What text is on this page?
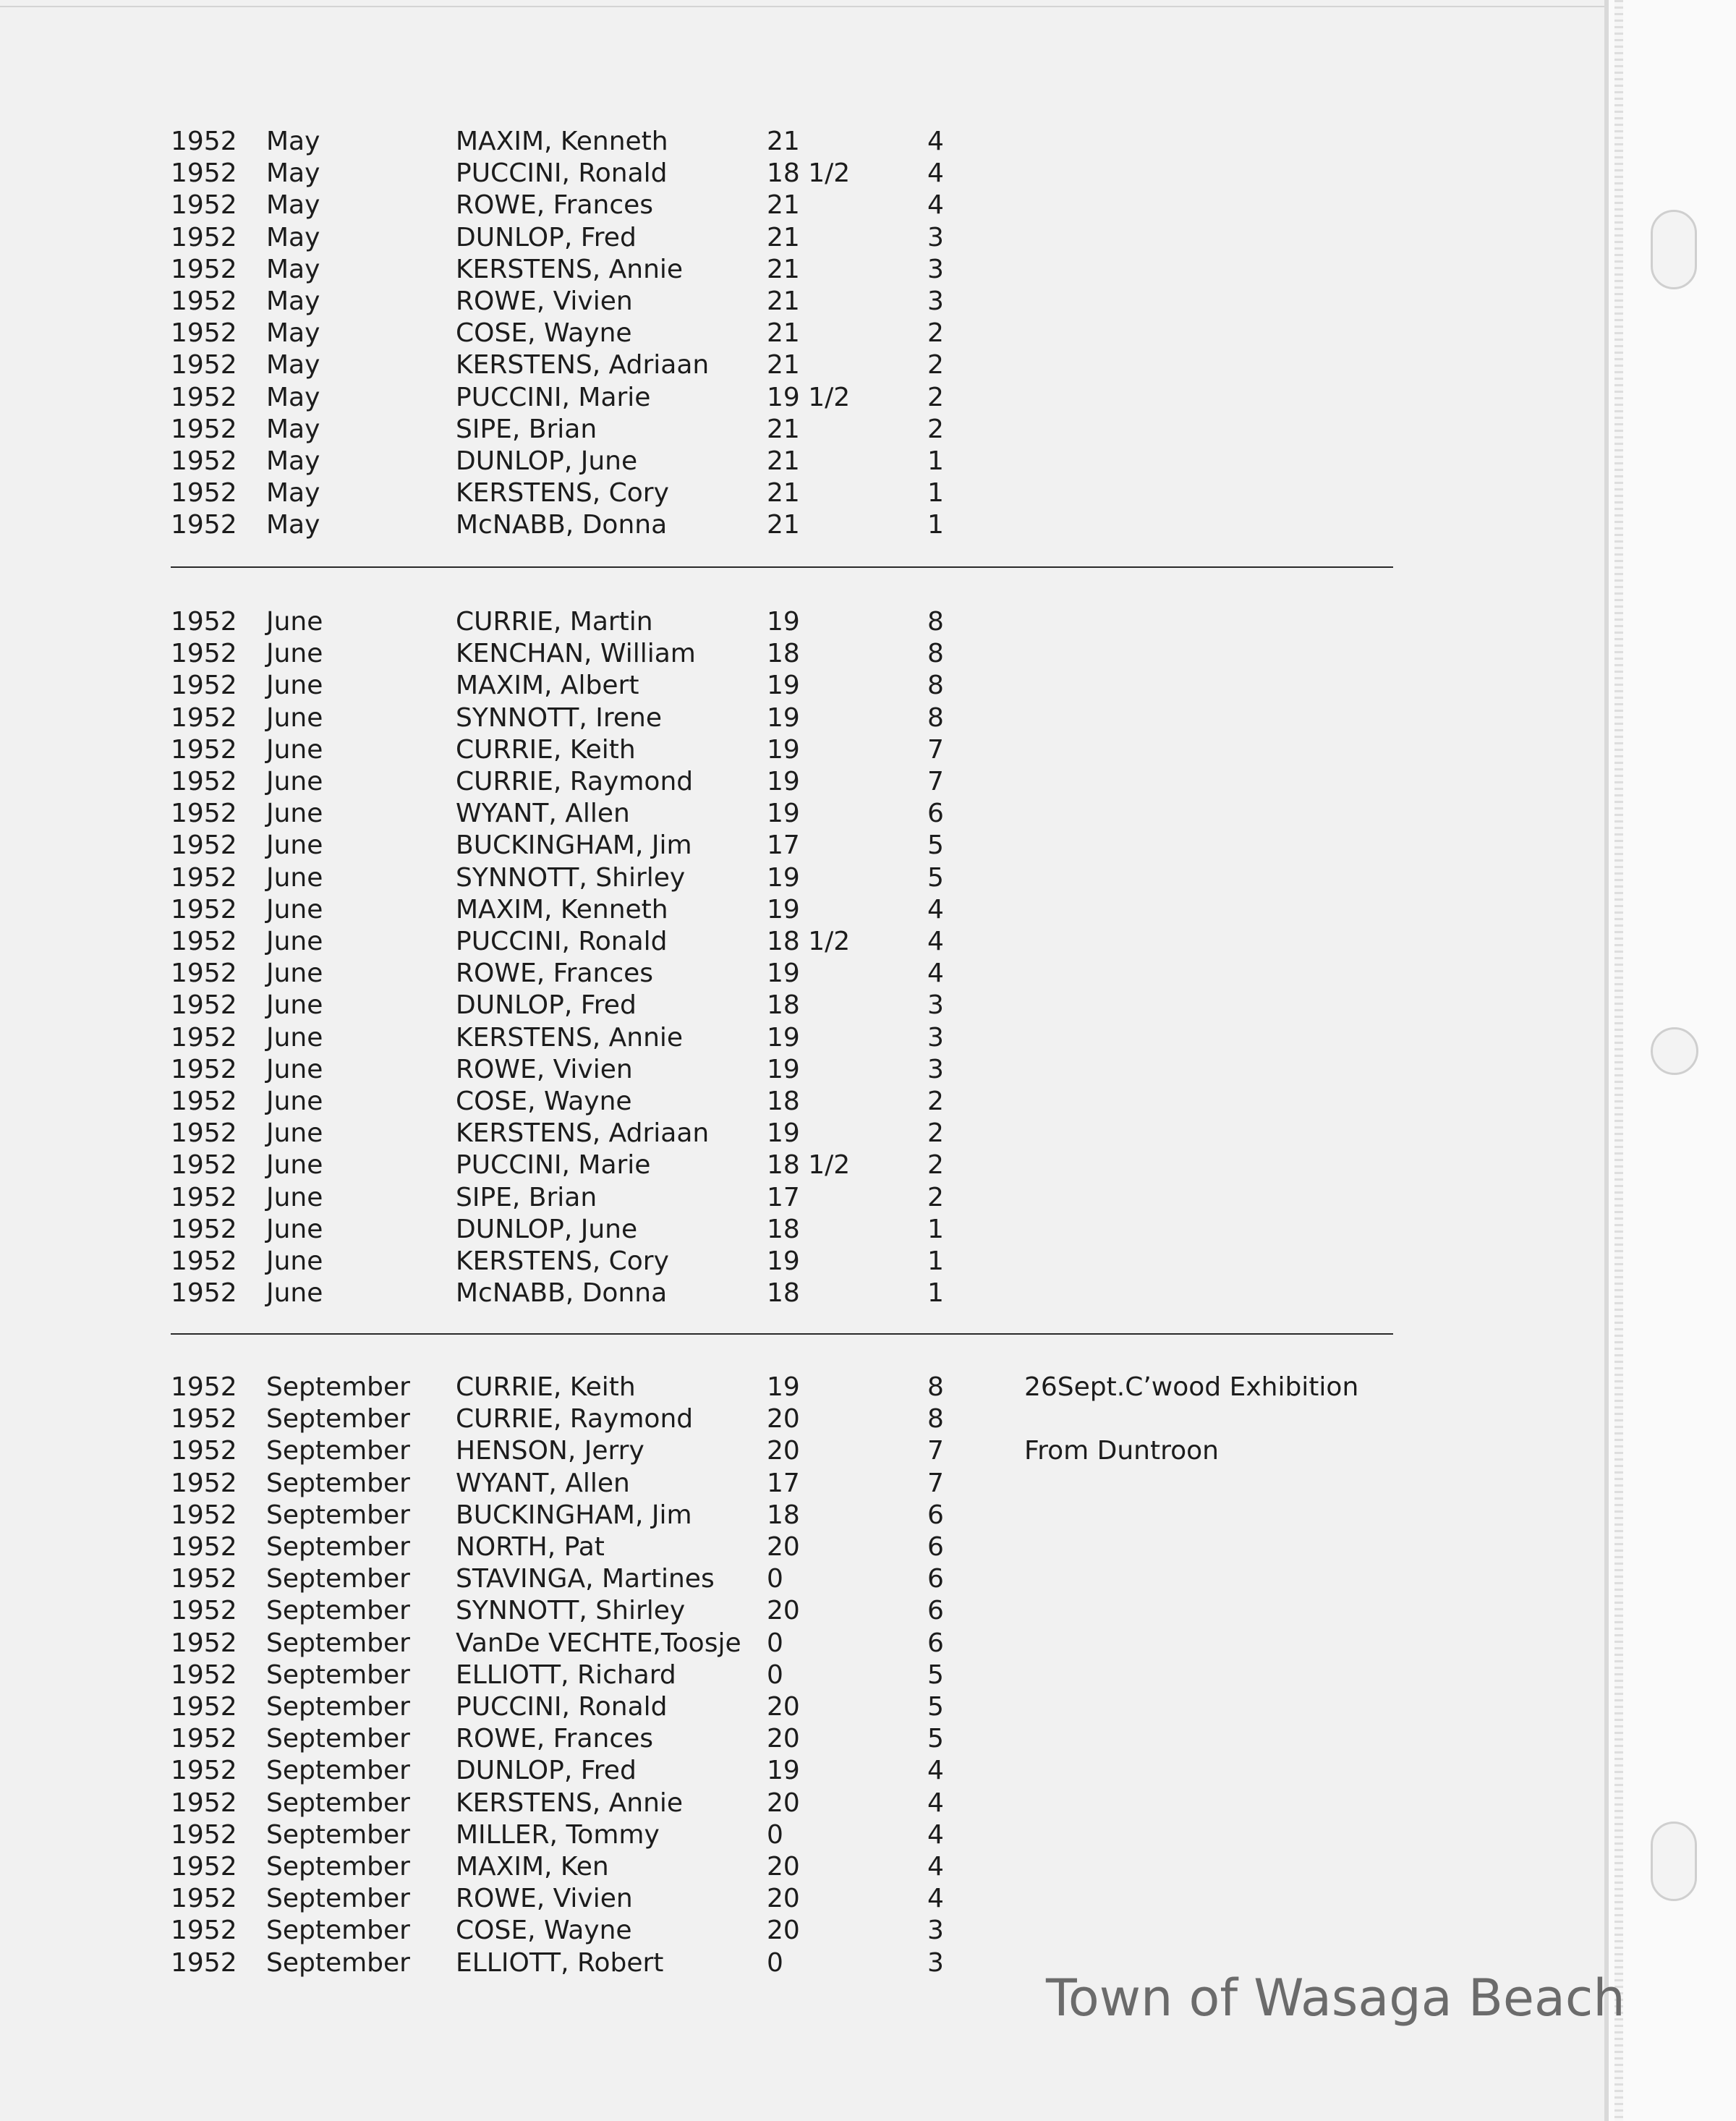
1952 May	MAXIM, Kenneth	21	4
1952 May	PUCCINI, Ronald	18 1/2	4
1952 May	ROWE, Frances	21	4
1952 May	DUNLOP, Fred	21	3
1952 May	KERSTENS, Annie	21	3
1952 May	ROWE, Vivien	21	3
1952 May	COSE, Wayne	21	2
1952 May	KERSTENS, Adriaan 21	2
1952 May	PUCCINI, Marie	19 1/2	2
1952 May	SIPE, Brian	21	2
1952 May	DUNLOP, June	21	1
1952 May	KERSTENS, Cory	21	1
1952 May	McNABB, Donna	21	1
1952 June	CURRIE, Martin	19	8
1952 June	KENCHAN, William	18	8
1952 June	MAXIM, Albert	19	8
1952 June	SYNNOTT, Irene	19	8
1952 June	CURRIE, Keith	19	7
1952 June	CURRIE, Raymond	19	7
1952 June	WYANT, Allen	19	6
1952 June	BUCKINGHAM, Jim	17	5
1952 June	SYNNOTT, Shirley	19	5
1952 June	MAXIM, Kenneth	19	4
1952 June	PUCCINI, Ronald	18 1/2	4
1952 June	ROWE, Frances	19	4
1952 June	DUNLOP, Fred	18	3
1952 June	KERSTENS, Annie	19	3
1952 June	ROWE, Vivien	19	3
1952 June	COSE, Wayne	18	2
1952 June	KERSTENS, Adriaan 19	2
1952 June	PUCCINI, Marie	18 1/2	2
1952 June	SIPE, Brian	17	2
1952 June	DUNLOP, June	18	1
1952 June	KERSTENS, Cory	19	1
1952 June	McNABB, Donna	18	1
1952 September CURRIE, Keith	19	8	26Sept.C’wood Exhibition
1952 September CURRIE, Raymond	20	8
1952 September HENSON, Jerry	20	7	From Duntroon
1952 September WYANT, Allen	17	7
1952 September BUCKINGHAM, Jim	18	6
1952 September NORTH, Pat	20	6
1952 September STAVINGA, Martines 0	6
1952 September SYNNOTT, Shirley	20	6
1952 September VanDe VECHTE,Toosje 0	6
1952 September ELLIOTT, Richard	0	5
1952 September PUCCINI, Ronald	20	5
1952 September ROWE, Frances	20	5
1952 September DUNLOP, Fred	19	4
1952 September KERSTENS, Annie	20	4
1952 September MILLER, Tommy	0	4
1952 September MAXIM, Ken	20	4
1952 September ROWE, Vivien	20	4
1952 September COSE, Wayne	20	3
1952 September ELLIOTT, Robert	0	3
Town of Wasaga Beach
